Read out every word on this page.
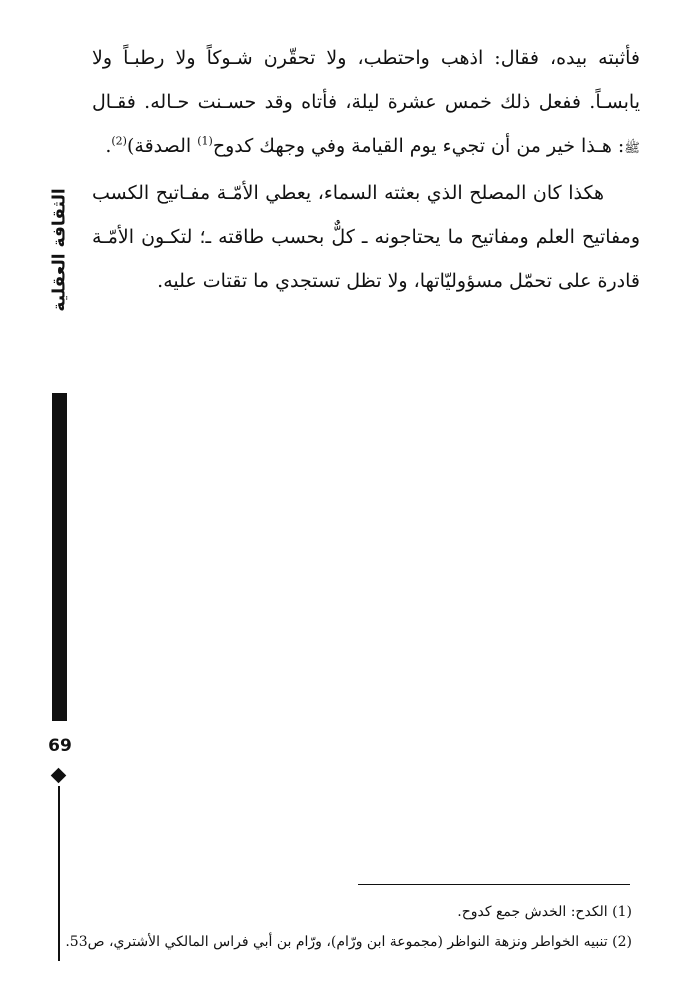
فأثبته بيده، فقال: اذهب واحتطب، ولا تحقّرن شـوكاً ولا رطبـاً ولا يابسـاً. ففعل ذلك خمس عشرة ليلة، فأتاه وقد حسـنت حـاله. فقـال ﷺ: هـذا خير من أن تجيء يوم القيامة وفي وجهك كدوح$^{(1)}$ الصدقة)$^{(2)}$.

هكذا كان المصلح الذي بعثته السماء، يعطي الأمّـة مفـاتيح الكسب ومفاتيح العلم ومفاتيح ما يحتاجونه ـ كلٌّ بحسب طاقته ـ؛ لتكـون الأمّـة قادرة على تحمّل مسؤوليّاتها، ولا تظل تستجدي ما تقتات عليه.

الثقافة العقلية
69

(1) الكدح: الخدش جمع كدوح.

(2) تنبيه الخواطر ونزهة النواظر (مجموعة ابن ورّام)، ورّام بن أبي فراس المالكي الأشتري، ص53.
